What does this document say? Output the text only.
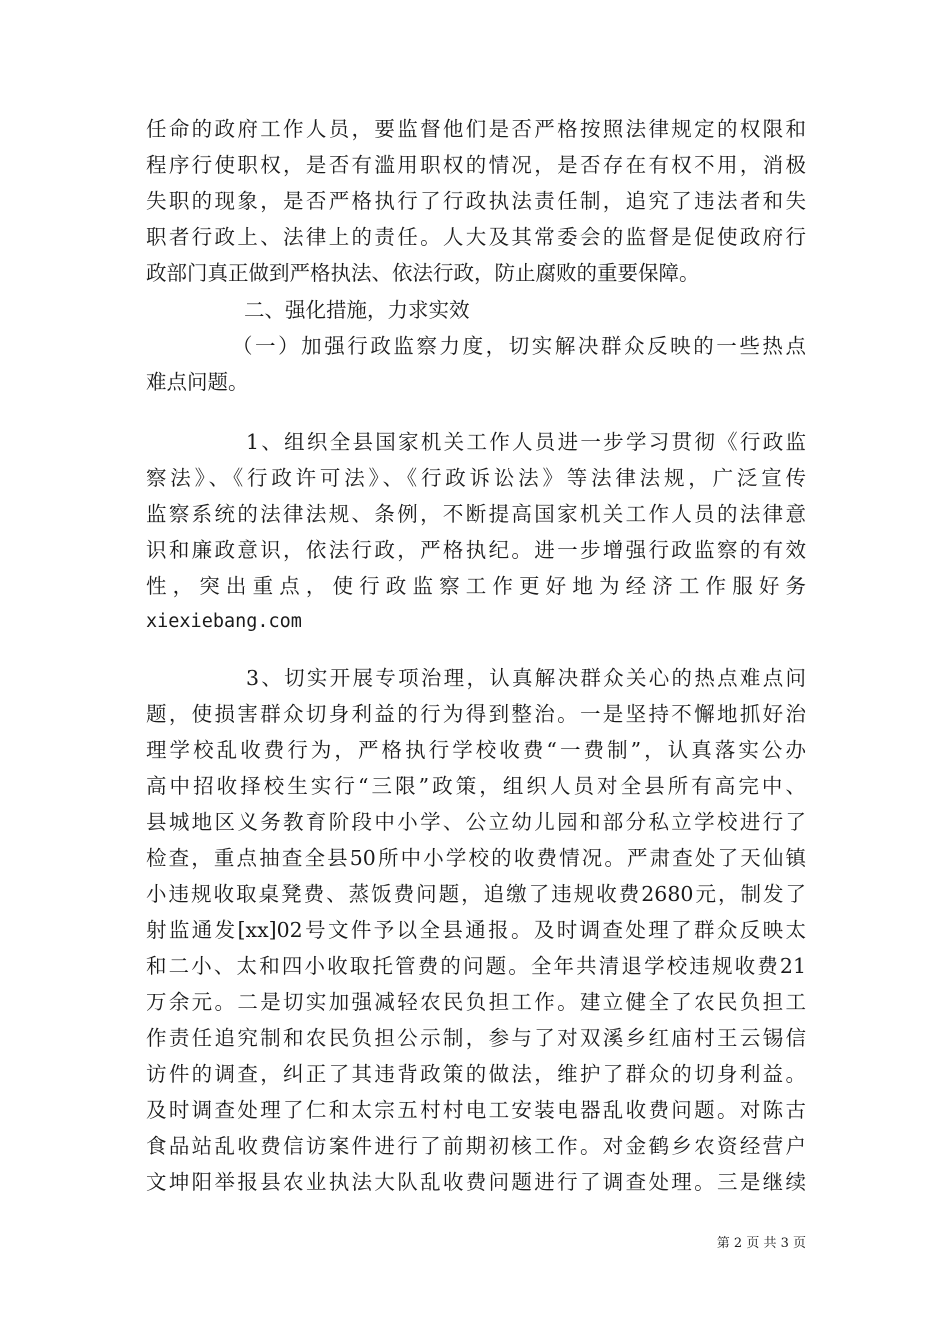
任命的政府工作人员，要监督他们是否严格按照法律规定的权限和
程序行使职权，是否有滥用职权的情况，是否存在有权不用，消极
失职的现象，是否严格执行了行政执法责任制，追究了违法者和失
职者行政上、法律上的责任。人大及其常委会的监督是促使政府行
政部门真正做到严格执法、依法行政，防止腐败的重要保障。
二、强化措施，力求实效
（一）加强行政监察力度，切实解决群众反映的一些热点
难点问题。
1、组织全县国家机关工作人员进一步学习贯彻《行政监
察法》、《行政许可法》、《行政诉讼法》等法律法规，广泛宣传
监察系统的法律法规、条例，不断提高国家机关工作人员的法律意
识和廉政意识，依法行政，严格执纪。进一步增强行政监察的有效
性，突出重点，使行政监察工作更好地为经济工作服好务
xiexiebang.com
3、切实开展专项治理，认真解决群众关心的热点难点问
题，使损害群众切身利益的行为得到整治。一是坚持不懈地抓好治
理学校乱收费行为，严格执行学校收费“一费制”，认真落实公办
高中招收择校生实行“三限”政策，组织人员对全县所有高完中、
县城地区义务教育阶段中小学、公立幼儿园和部分私立学校进行了
检查，重点抽查全县50所中小学校的收费情况。严肃查处了天仙镇
小违规收取桌凳费、蒸饭费问题，追缴了违规收费2680元，制发了
射监通发[xx]02号文件予以全县通报。及时调查处理了群众反映太
和二小、太和四小收取托管费的问题。全年共清退学校违规收费21
万余元。二是切实加强减轻农民负担工作。建立健全了农民负担工
作责任追究制和农民负担公示制，参与了对双溪乡红庙村王云锡信
访件的调查，纠正了其违背政策的做法，维护了群众的切身利益。
及时调查处理了仁和太宗五村村电工安装电器乱收费问题。对陈古
食品站乱收费信访案件进行了前期初核工作。对金鹤乡农资经营户
文坤阳举报县农业执法大队乱收费问题进行了调查处理。三是继续
第 2 页 共 3 页
